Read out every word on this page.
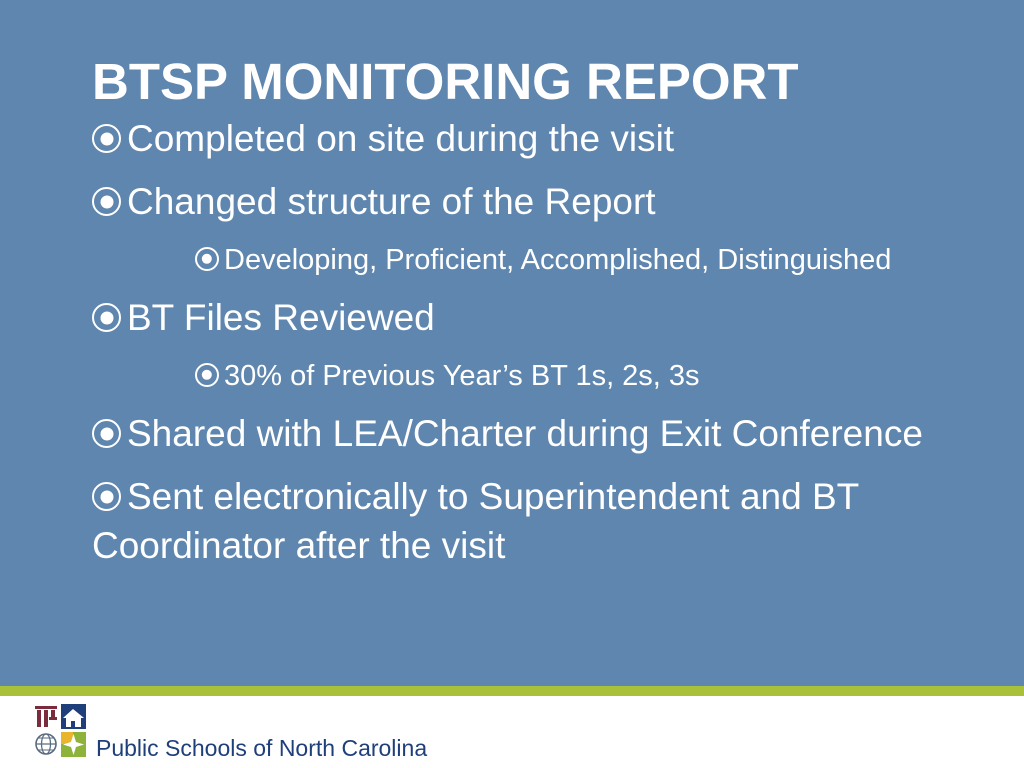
BTSP MONITORING REPORT
Completed on site during the visit
Changed structure of the Report
Developing, Proficient, Accomplished, Distinguished
BT Files Reviewed
30% of Previous Year’s BT 1s, 2s, 3s
Shared with LEA/Charter during Exit Conference
Sent electronically to Superintendent and BT Coordinator after the visit
Public Schools of North Carolina
